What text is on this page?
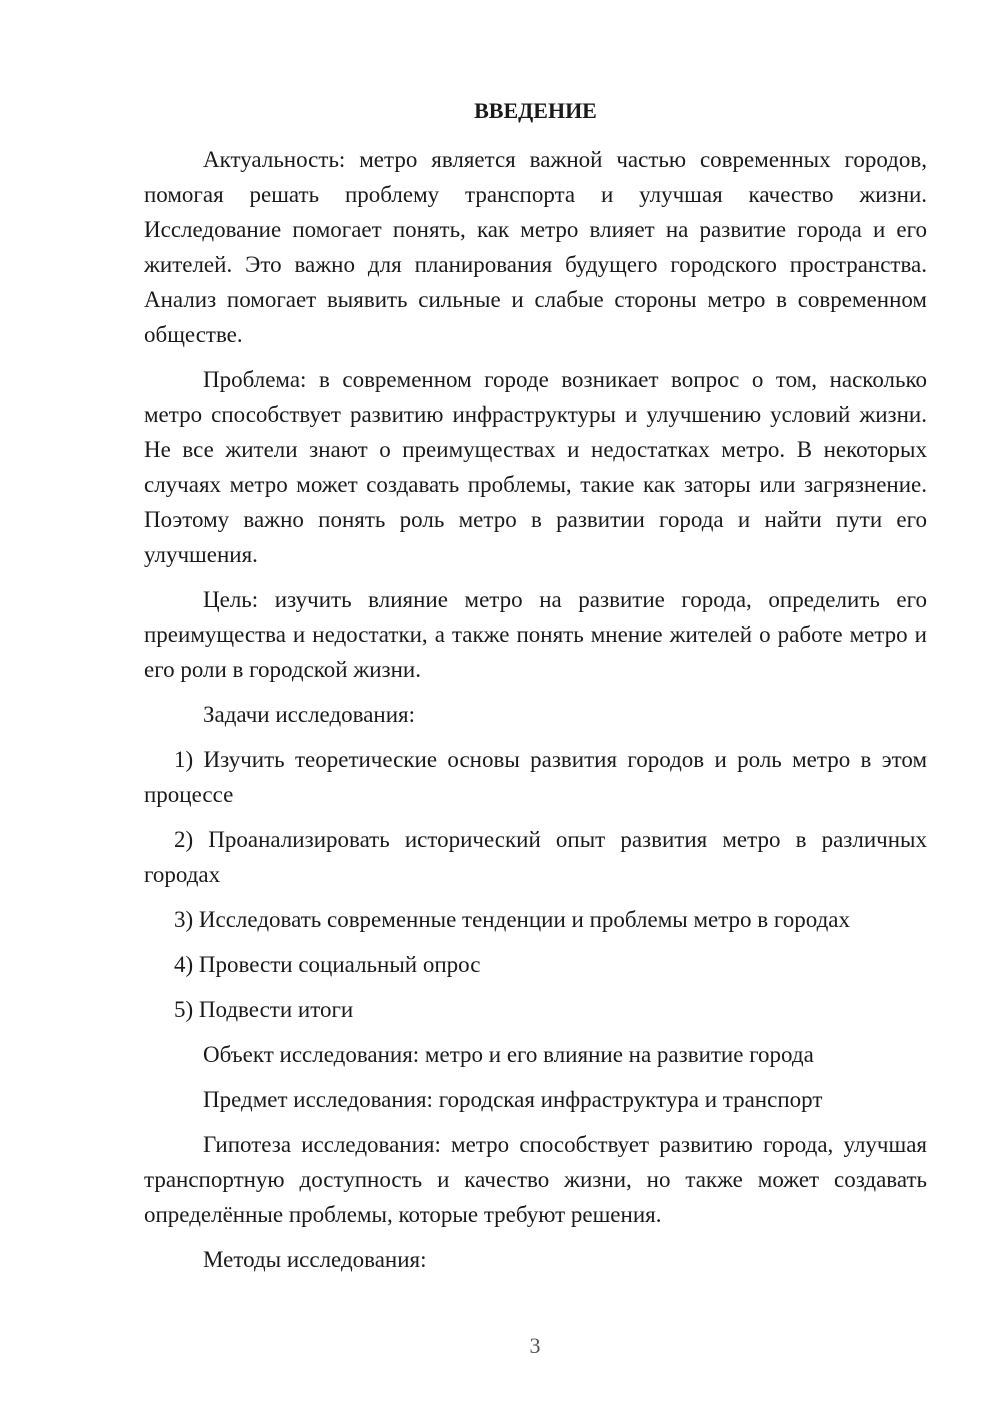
ВВЕДЕНИЕ

Актуальность: метро является важной частью современных городов, помогая решать проблему транспорта и улучшая качество жизни. Исследование помогает понять, как метро влияет на развитие города и его жителей. Это важно для планирования будущего городского пространства. Анализ помогает выявить сильные и слабые стороны метро в современном обществе.

Проблема: в современном городе возникает вопрос о том, насколько метро способствует развитию инфраструктуры и улучшению условий жизни. Не все жители знают о преимуществах и недостатках метро. В некоторых случаях метро может создавать проблемы, такие как заторы или загрязнение. Поэтому важно понять роль метро в развитии города и найти пути его улучшения.

Цель: изучить влияние метро на развитие города, определить его преимущества и недостатки, а также понять мнение жителей о работе метро и его роли в городской жизни.

Задачи исследования:

1) Изучить теоретические основы развития городов и роль метро в этом процессе

2) Проанализировать исторический опыт развития метро в различных городах

3) Исследовать современные тенденции и проблемы метро в городах

4) Провести социальный опрос

5) Подвести итоги

Объект исследования: метро и его влияние на развитие города

Предмет исследования: городская инфраструктура и транспорт

Гипотеза исследования: метро способствует развитию города, улучшая транспортную доступность и качество жизни, но также может создавать определённые проблемы, которые требуют решения.

Методы исследования:

3
